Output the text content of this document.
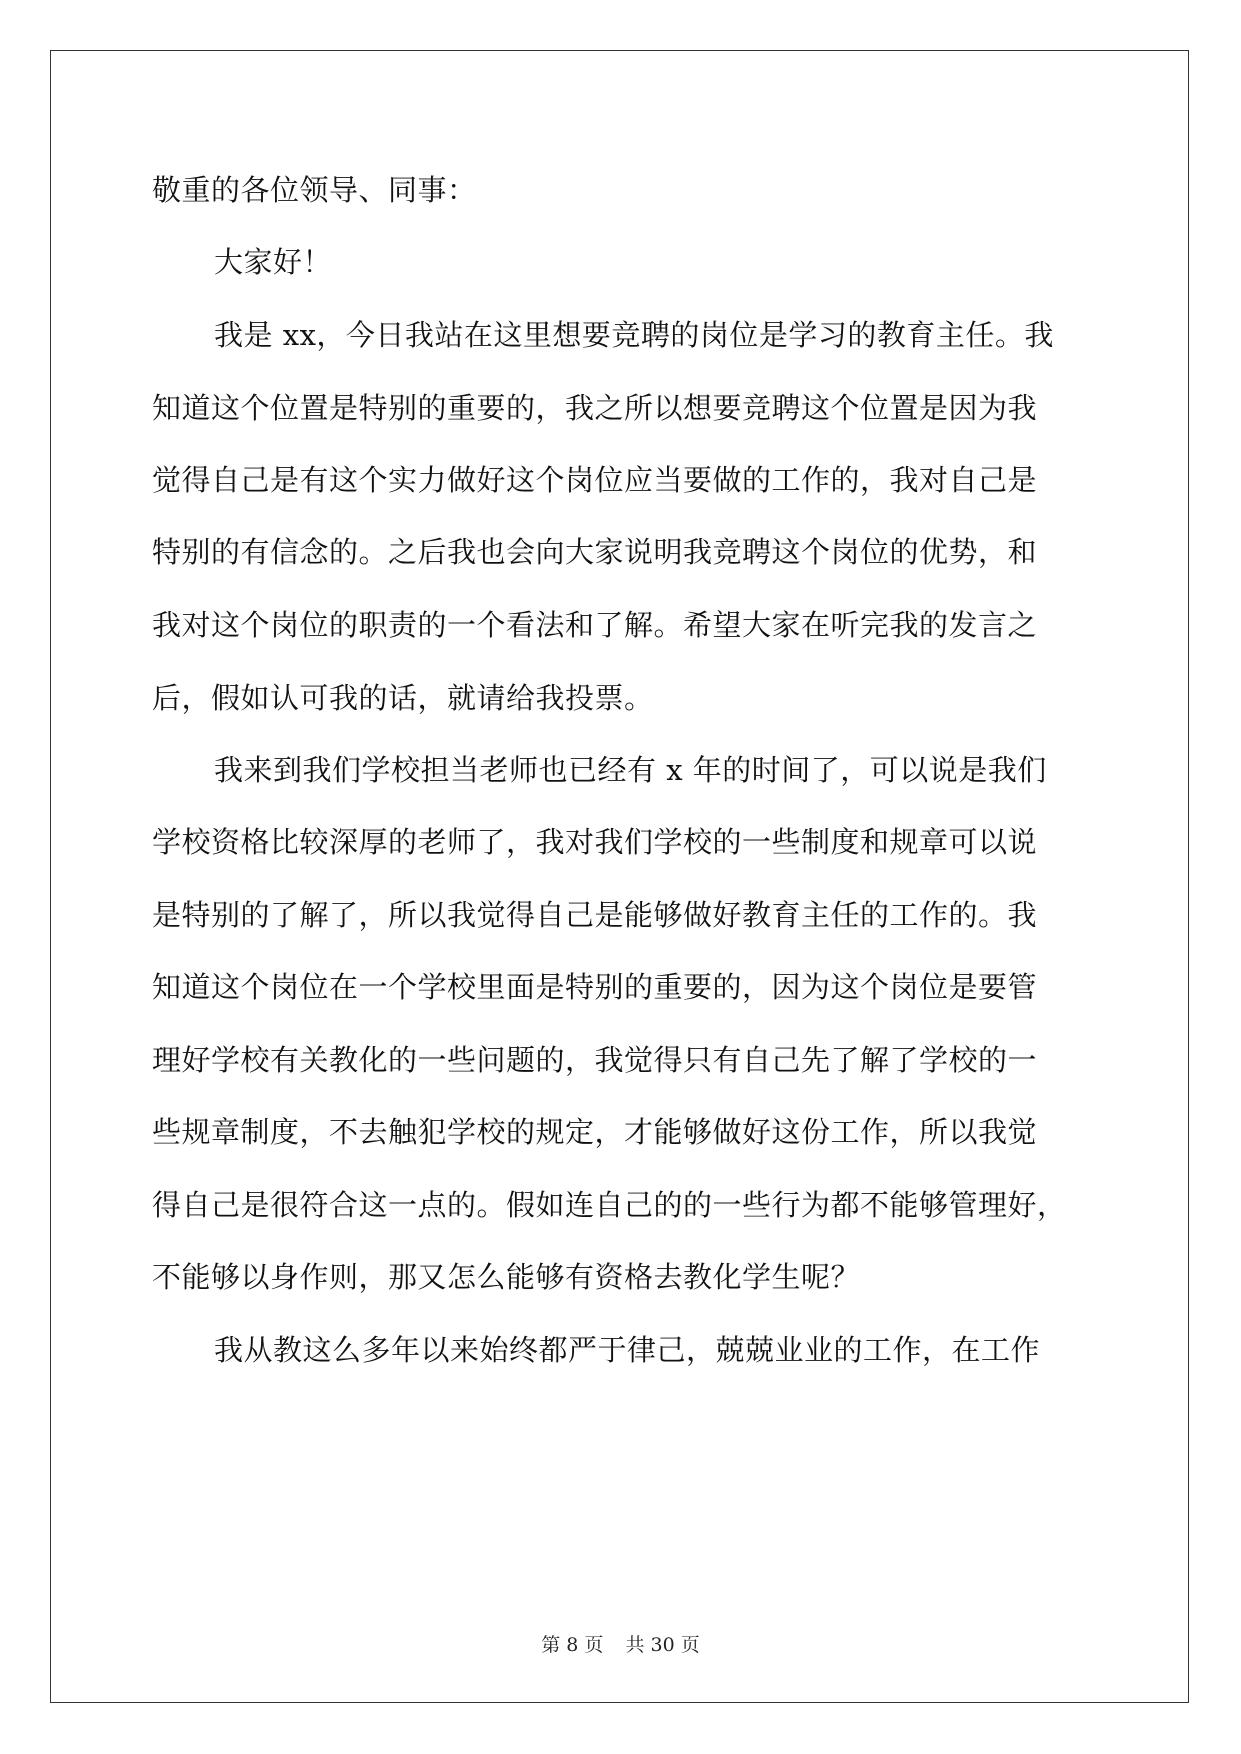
敬重的各位领导、同事：
大家好！
我是 xx，今日我站在这里想要竞聘的岗位是学习的教育主任。我
知道这个位置是特别的重要的，我之所以想要竞聘这个位置是因为我
觉得自己是有这个实力做好这个岗位应当要做的工作的，我对自己是
特别的有信念的。之后我也会向大家说明我竞聘这个岗位的优势，和
我对这个岗位的职责的一个看法和了解。希望大家在听完我的发言之
后，假如认可我的话，就请给我投票。
我来到我们学校担当老师也已经有 x 年的时间了，可以说是我们
学校资格比较深厚的老师了，我对我们学校的一些制度和规章可以说
是特别的了解了，所以我觉得自己是能够做好教育主任的工作的。我
知道这个岗位在一个学校里面是特别的重要的，因为这个岗位是要管
理好学校有关教化的一些问题的，我觉得只有自己先了解了学校的一
些规章制度，不去触犯学校的规定，才能够做好这份工作，所以我觉
得自己是很符合这一点的。假如连自己的的一些行为都不能够管理好，
不能够以身作则，那又怎么能够有资格去教化学生呢？
我从教这么多年以来始终都严于律己，兢兢业业的工作，在工作
第 8 页 共 30 页
